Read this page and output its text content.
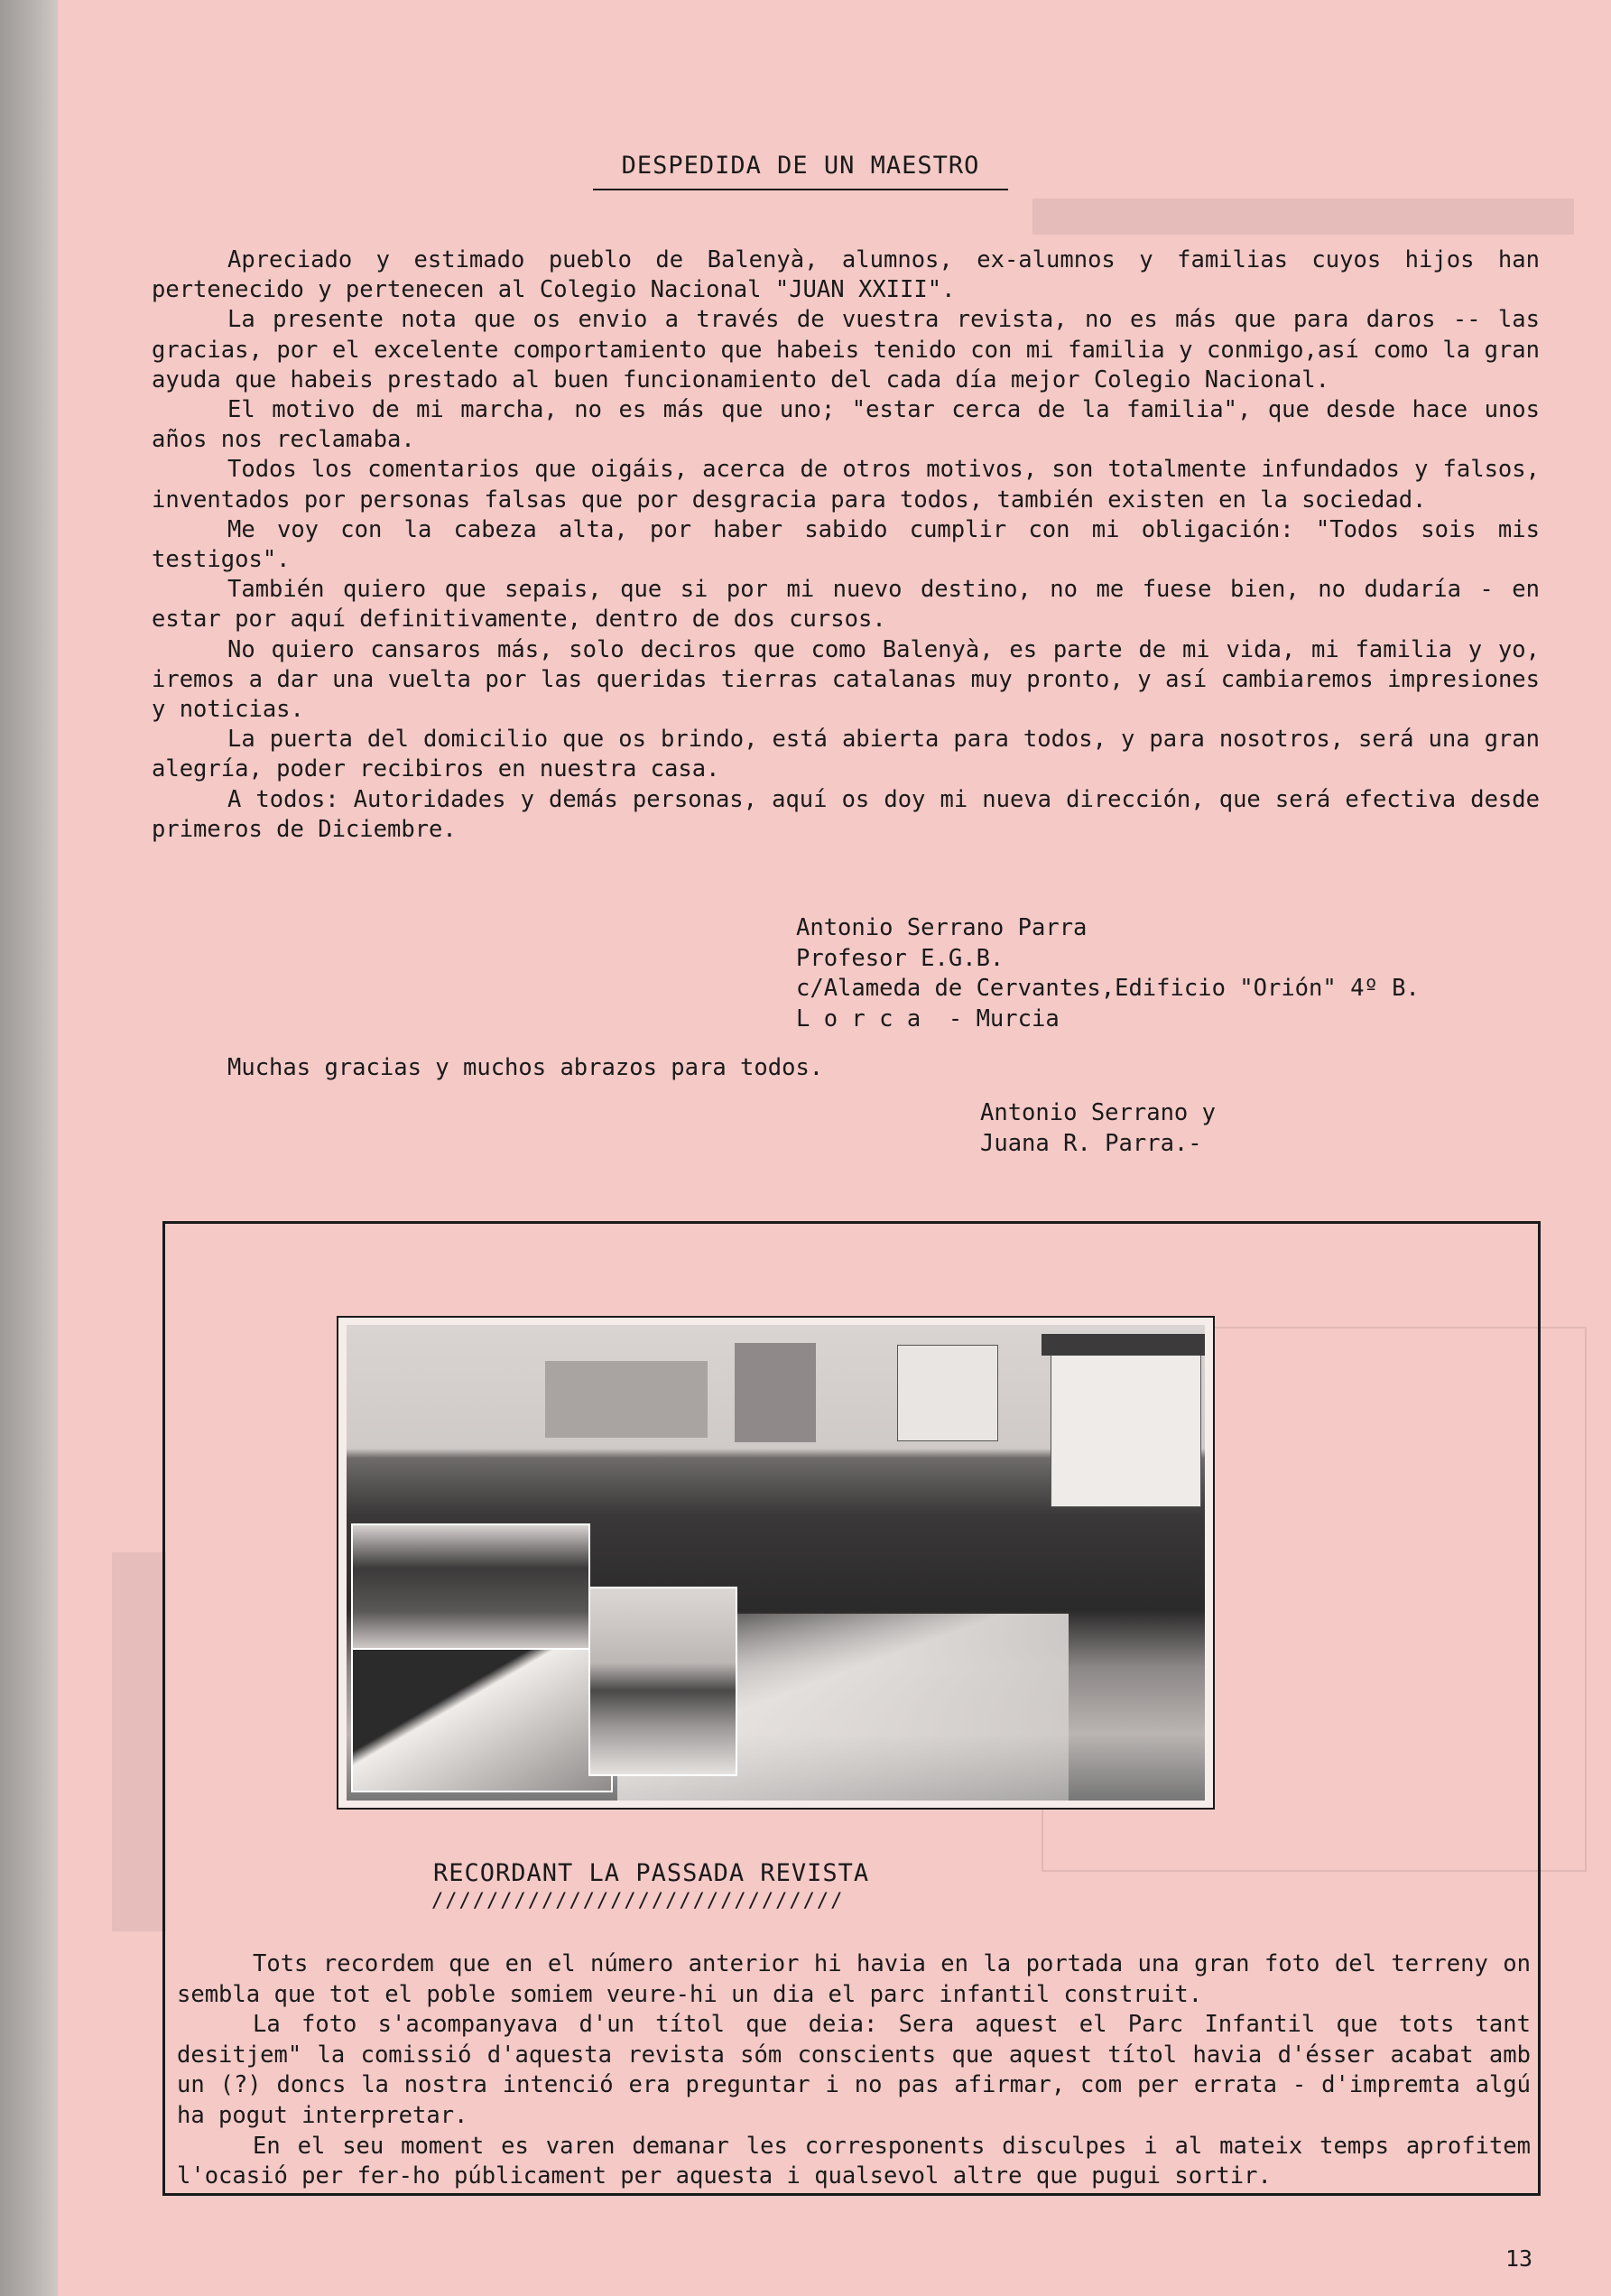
DESPEDIDA DE UN MAESTRO

Apreciado y estimado pueblo de Balenyà, alumnos, ex-alumnos y familias cuyos hijos han pertenecido y pertenecen al Colegio Nacional "JUAN XXIII".

La presente nota que os envio a través de vuestra revista, no es más que para daros -- las gracias, por el excelente comportamiento que habeis tenido con mi familia y conmigo,así como la gran ayuda que habeis prestado al buen funcionamiento del cada día mejor Colegio Nacional.

El motivo de mi marcha, no es más que uno; "estar cerca de la familia", que desde hace unos años nos reclamaba.

Todos los comentarios que oigáis, acerca de otros motivos, son totalmente infundados y falsos, inventados por personas falsas que por desgracia para todos, también existen en la sociedad.

Me voy con la cabeza alta, por haber sabido cumplir con mi obligación: "Todos sois mis testigos".

También quiero que sepais, que si por mi nuevo destino, no me fuese bien, no dudaría - en estar por aquí definitivamente, dentro de dos cursos.

No quiero cansaros más, solo deciros que como Balenyà, es parte de mi vida, mi familia y yo, iremos a dar una vuelta por las queridas tierras catalanas muy pronto, y así cambiaremos impresiones y noticias.

La puerta del domicilio que os brindo, está abierta para todos, y para nosotros, será una gran alegría, poder recibiros en nuestra casa.

A todos: Autoridades y demás personas, aquí os doy mi nueva dirección, que será efectiva desde primeros de Diciembre.

Antonio Serrano Parra
Profesor E.G.B.
c/Alameda de Cervantes,Edificio "Orión" 4º B.
L o r c a  - Murcia
Muchas gracias y muchos abrazos para todos.
Antonio Serrano y
Juana R. Parra.-
RECORDANT LA PASSADA REVISTA
//////////////////////////////

Tots recordem que en el número anterior hi havia en la portada una gran foto del terreny on sembla que tot el poble somiem veure-hi un dia el parc infantil construit.

La foto s'acompanyava d'un títol que deia: Sera aquest el Parc Infantil que tots tant desitjem" la comissió d'aquesta revista sóm conscients que aquest títol havia d'ésser acabat amb un (?) doncs la nostra intenció era preguntar i no pas afirmar, com per errata - d'impremta algú ha pogut interpretar.

En el seu moment es varen demanar les corresponents disculpes i al mateix temps aprofitem l'ocasió per fer-ho públicament per aquesta i qualsevol altre que pugui sortir.

13
